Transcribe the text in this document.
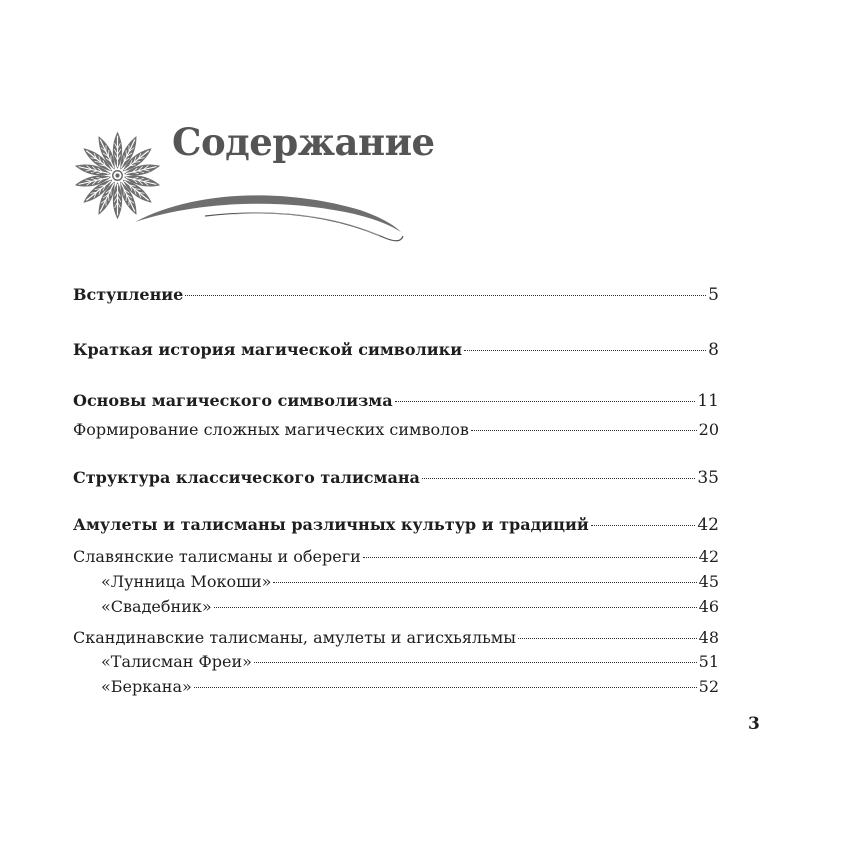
Содержание
Вступление	5
Краткая история магической символики	8
Основы магического символизма	11
Формирование сложных магических символов	20
Структура классического талисмана	35
Амулеты и талисманы различных культур и традиций	42
Славянские талисманы и обереги	42
«Лунница Мокоши»	45
«Свадебник»	46
Скандинавские талисманы, амулеты и агисхьяльмы	48
«Талисман Фреи»	51
«Беркана»	52
3
